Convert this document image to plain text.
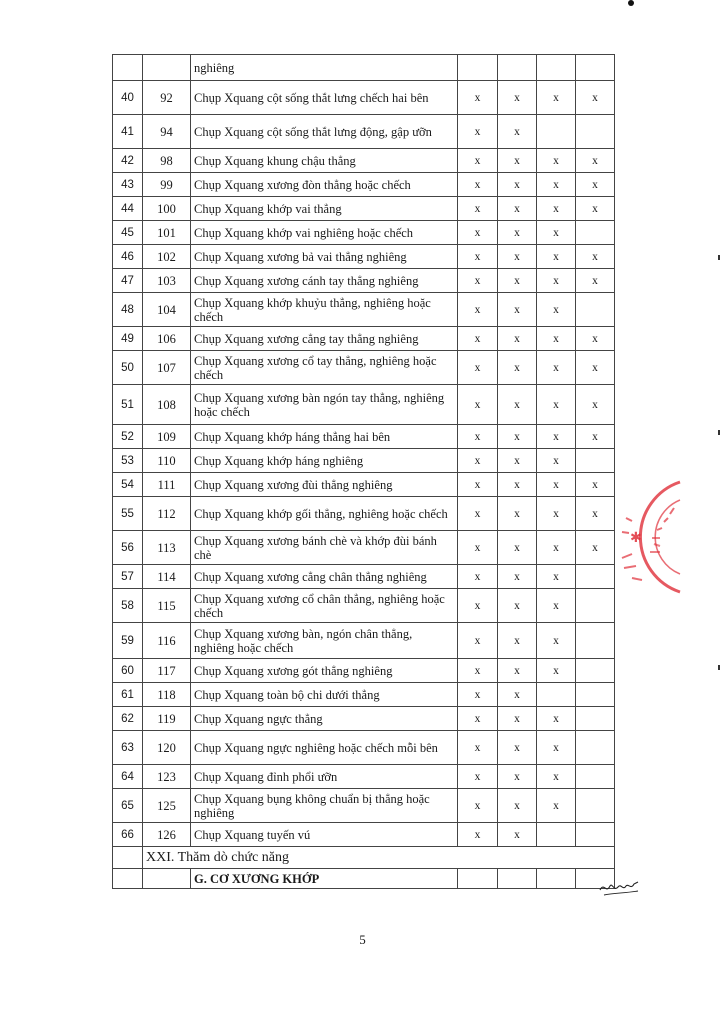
		nghiêng				
40	92	Chụp Xquang cột sống thắt lưng chếch hai bên	x	x	x	x
41	94	Chụp Xquang cột sống thắt lưng động, gập ưỡn	x	x		
42	98	Chụp Xquang khung chậu thẳng	x	x	x	x
43	99	Chụp Xquang xương đòn thẳng hoặc chếch	x	x	x	x
44	100	Chụp Xquang khớp vai thẳng	x	x	x	x
45	101	Chụp Xquang khớp vai nghiêng hoặc chếch	x	x	x	
46	102	Chụp Xquang xương bả vai thẳng nghiêng	x	x	x	x
47	103	Chụp Xquang xương cánh tay thẳng nghiêng	x	x	x	x
48	104	Chụp Xquang khớp khuỷu thẳng, nghiêng hoặc chếch	x	x	x	
49	106	Chụp Xquang xương cẳng tay thẳng nghiêng	x	x	x	x
50	107	Chụp Xquang xương cổ tay thẳng, nghiêng hoặc chếch	x	x	x	x
51	108	Chụp Xquang xương bàn ngón tay thẳng, nghiêng hoặc chếch	x	x	x	x
52	109	Chụp Xquang khớp háng thẳng hai bên	x	x	x	x
53	110	Chụp Xquang khớp háng nghiêng	x	x	x	
54	111	Chụp Xquang xương đùi thẳng nghiêng	x	x	x	x
55	112	Chụp Xquang khớp gối thẳng, nghiêng hoặc chếch	x	x	x	x
56	113	Chụp Xquang xương bánh chè và khớp đùi bánh chè	x	x	x	x
57	114	Chụp Xquang xương cẳng chân thẳng nghiêng	x	x	x	
58	115	Chụp Xquang xương cổ chân thẳng, nghiêng hoặc chếch	x	x	x	
59	116	Chụp Xquang xương bàn, ngón chân thẳng, nghiêng hoặc chếch	x	x	x	
60	117	Chụp Xquang xương gót thẳng nghiêng	x	x	x	
61	118	Chụp Xquang toàn bộ chi dưới thẳng	x	x		
62	119	Chụp Xquang ngực thẳng	x	x	x	
63	120	Chụp Xquang ngực nghiêng hoặc chếch mỗi bên	x	x	x	
64	123	Chụp Xquang đỉnh phổi ưỡn	x	x	x	
65	125	Chụp Xquang bụng không chuẩn bị thẳng hoặc nghiêng	x	x	x	
66	126	Chụp Xquang tuyến vú	x	x		
	XXI. Thăm dò chức năng					
		G. CƠ XƯƠNG KHỚP				
✱
5
